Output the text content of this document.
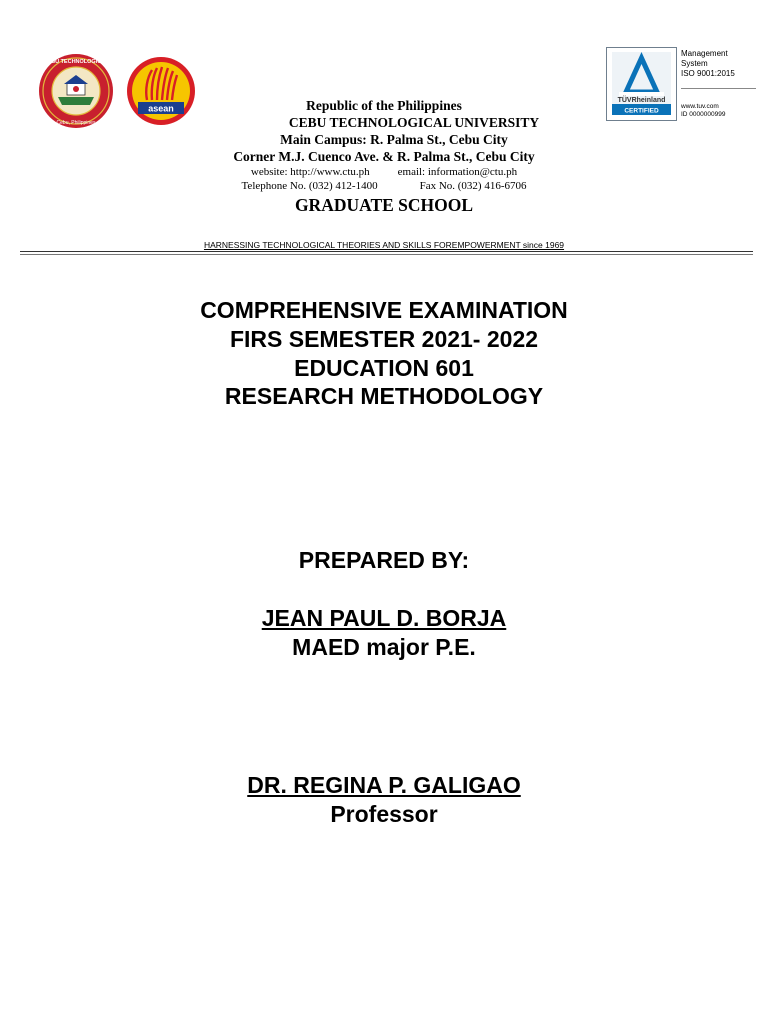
CEBU TECHNOLOGICAL
Cebu, Philippines
asean
TÜVRheinland
CERTIFIED
Management
System
ISO 9001:2015
www.tuv.com
ID 0000000999
Republic of the Philippines
CEBU TECHNOLOGICAL UNIVERSITY
Main Campus: R. Palma St., Cebu City
Corner M.J. Cuenco Ave. & R. Palma St., Cebu City
website: http://www.ctu.ph	email: information@ctu.ph
Telephone No. (032) 412-1400	Fax No. (032) 416-6706
GRADUATE SCHOOL
HARNESSING TECHNOLOGICAL THEORIES AND SKILLS FOREMPOWERMENT since 1969
COMPREHENSIVE EXAMINATION
FIRS SEMESTER 2021- 2022
EDUCATION 601
RESEARCH METHODOLOGY
PREPARED BY:
JEAN PAUL D. BORJA
MAED major P.E.
DR. REGINA P. GALIGAO
Professor
